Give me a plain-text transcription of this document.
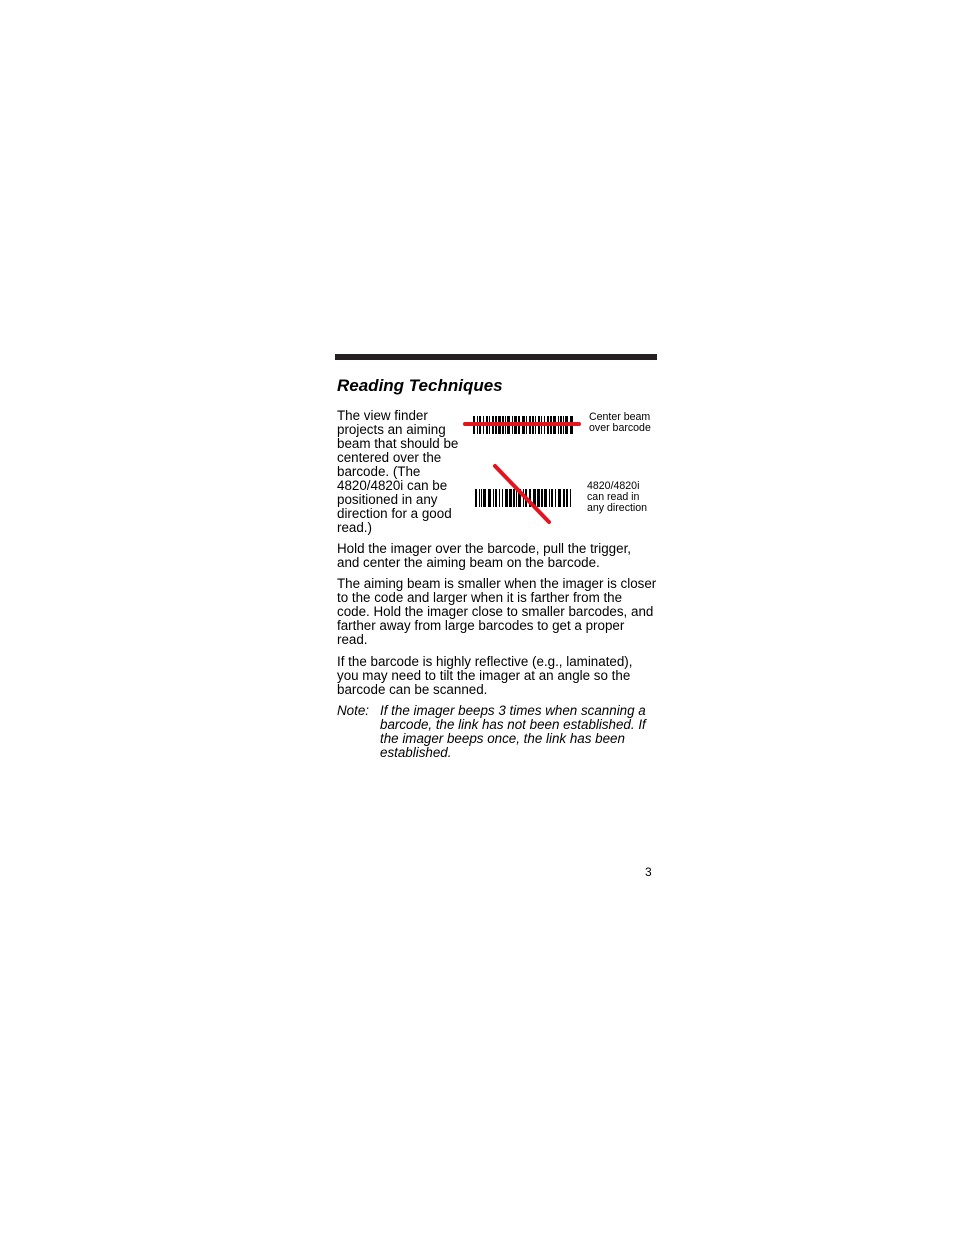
Reading Techniques

The view finder projects an aiming beam that should be centered over the barcode. (The 4820/4820i can be positioned in any direction for a good read.)

Center beam over barcode
4820/4820i can read in any direction

Hold the imager over the barcode, pull the trigger, and center the aiming beam on the barcode.

The aiming beam is smaller when the imager is closer to the code and larger when it is farther from the code. Hold the imager close to smaller barcodes, and farther away from large barcodes to get a proper read.

If the barcode is highly reflective (e.g., laminated), you may need to tilt the imager at an angle so the barcode can be scanned.

Note: If the imager beeps 3 times when scanning a barcode, the link has not been established. If the imager beeps once, the link has been established.
3
